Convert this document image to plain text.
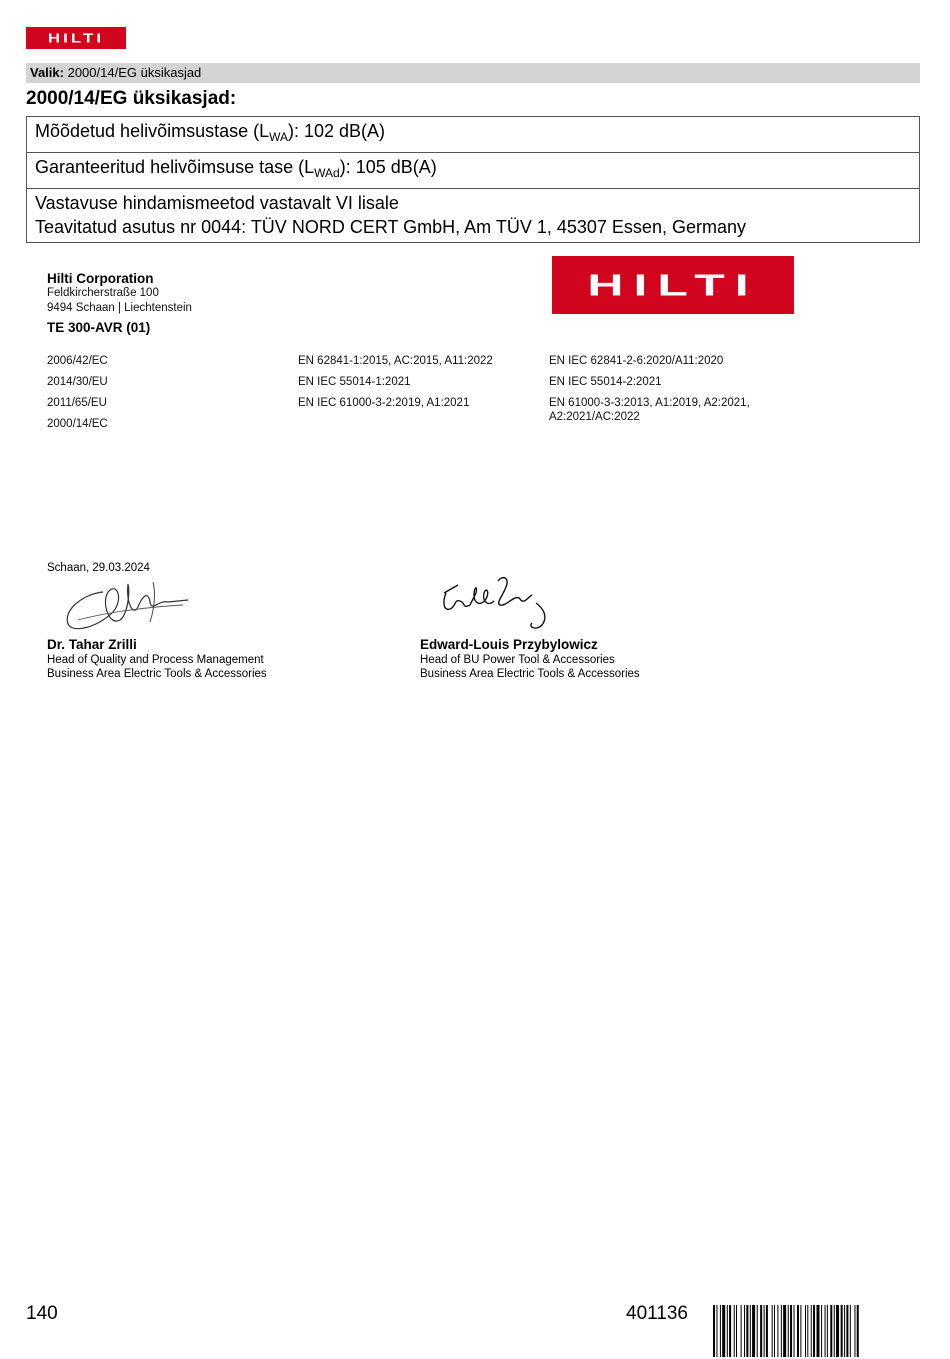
HILTI
Valik: 2000/14/EG üksikasjad
2000/14/EG üksikasjad:
Mõõdetud helivõimsustase $(L_{WA})$: 102 dB(A)
Garanteeritud helivõimsuse tase $(L_{WAd})$: 105 dB(A)
Vastavuse hindamismeetod vastavalt VI lisale
Teavitatud asutus nr 0044: TÜV NORD CERT GmbH, Am TÜV 1, 45307 Essen, Germany
Hilti Corporation
Feldkircherstraße 100
9494 Schaan | Liechtenstein
TE 300-AVR (01)
HILTI
2006/42/EC
2014/30/EU
2011/65/EU
2000/14/EC
EN 62841-1:2015, AC:2015, A11:2022
EN IEC 55014-1:2021
EN IEC 61000-3-2:2019, A1:2021
EN IEC 62841-2-6:2020/A11:2020
EN IEC 55014-2:2021
EN 61000-3-3:2013, A1:2019, A2:2021,
A2:2021/AC:2022
Schaan, 29.03.2024
Dr. Tahar Zrilli
Head of Quality and Process Management
Business Area Electric Tools & Accessories
Edward-Louis Przybylowicz
Head of BU Power Tool & Accessories
Business Area Electric Tools & Accessories
140	401136
